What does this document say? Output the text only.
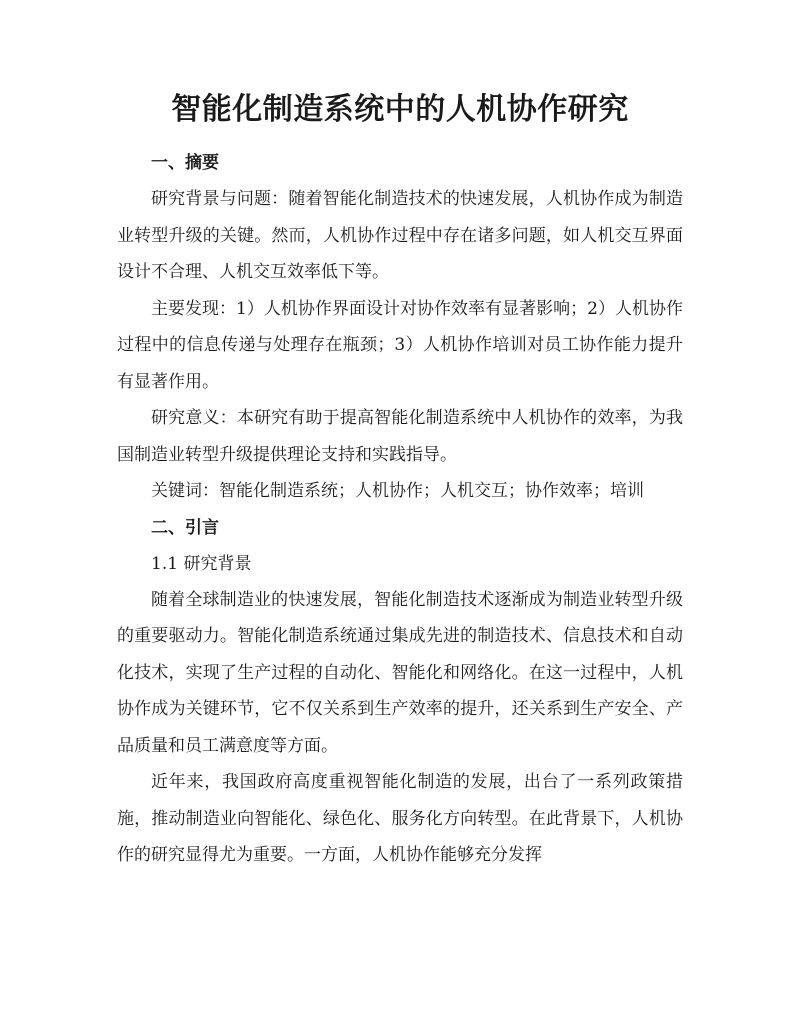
智能化制造系统中的人机协作研究

一、摘要

研究背景与问题：随着智能化制造技术的快速发展，人机协作成为制造业转型升级的关键。然而，人机协作过程中存在诸多问题，如人机交互界面设计不合理、人机交互效率低下等。

主要发现：1）人机协作界面设计对协作效率有显著影响；2）人机协作过程中的信息传递与处理存在瓶颈；3）人机协作培训对员工协作能力提升有显著作用。

研究意义：本研究有助于提高智能化制造系统中人机协作的效率，为我国制造业转型升级提供理论支持和实践指导。

关键词：智能化制造系统；人机协作；人机交互；协作效率；培训

二、引言

1.1 研究背景

随着全球制造业的快速发展，智能化制造技术逐渐成为制造业转型升级的重要驱动力。智能化制造系统通过集成先进的制造技术、信息技术和自动化技术，实现了生产过程的自动化、智能化和网络化。在这一过程中，人机协作成为关键环节，它不仅关系到生产效率的提升，还关系到生产安全、产品质量和员工满意度等方面。

近年来，我国政府高度重视智能化制造的发展，出台了一系列政策措施，推动制造业向智能化、绿色化、服务化方向转型。在此背景下，人机协作的研究显得尤为重要。一方面，人机协作能够充分发挥
